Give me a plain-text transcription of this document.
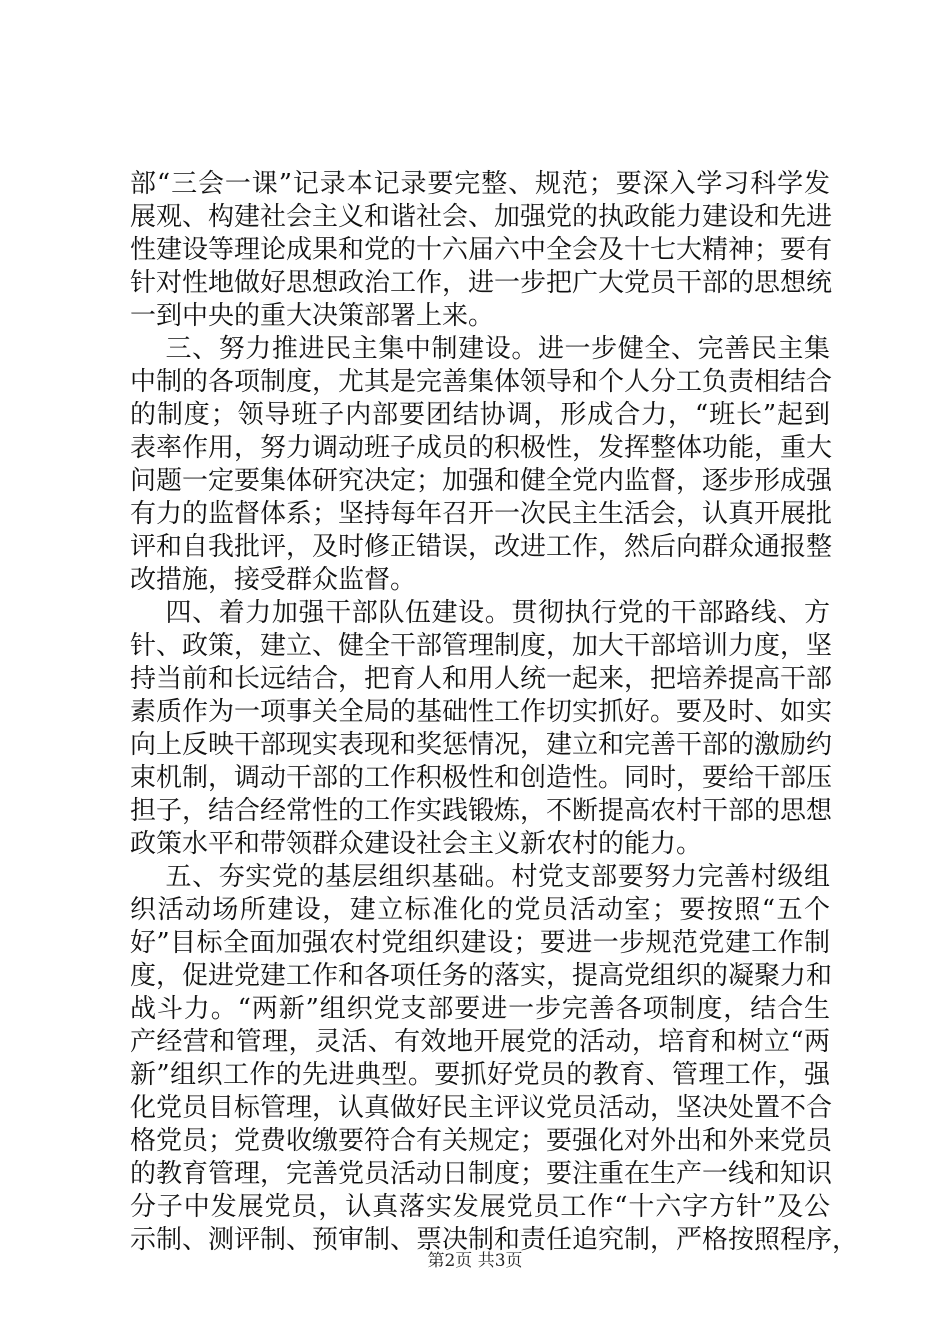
部“三会一课”记录本记录要完整、规范；要深入学习科学发
展观、构建社会主义和谐社会、加强党的执政能力建设和先进
性建设等理论成果和党的十六届六中全会及十七大精神；要有
针对性地做好思想政治工作，进一步把广大党员干部的思想统
一到中央的重大决策部署上来。
三、努力推进民主集中制建设。进一步健全、完善民主集
中制的各项制度，尤其是完善集体领导和个人分工负责相结合
的制度；领导班子内部要团结协调，形成合力，“班长”起到
表率作用，努力调动班子成员的积极性，发挥整体功能，重大
问题一定要集体研究决定；加强和健全党内监督，逐步形成强
有力的监督体系；坚持每年召开一次民主生活会，认真开展批
评和自我批评，及时修正错误，改进工作，然后向群众通报整
改措施，接受群众监督。
四、着力加强干部队伍建设。贯彻执行党的干部路线、方
针、政策，建立、健全干部管理制度，加大干部培训力度，坚
持当前和长远结合，把育人和用人统一起来，把培养提高干部
素质作为一项事关全局的基础性工作切实抓好。要及时、如实
向上反映干部现实表现和奖惩情况，建立和完善干部的激励约
束机制，调动干部的工作积极性和创造性。同时，要给干部压
担子，结合经常性的工作实践锻炼，不断提高农村干部的思想
政策水平和带领群众建设社会主义新农村的能力。
五、夯实党的基层组织基础。村党支部要努力完善村级组
织活动场所建设，建立标准化的党员活动室；要按照“五个
好”目标全面加强农村党组织建设；要进一步规范党建工作制
度，促进党建工作和各项任务的落实，提高党组织的凝聚力和
战斗力。“两新”组织党支部要进一步完善各项制度，结合生
产经营和管理，灵活、有效地开展党的活动，培育和树立“两
新”组织工作的先进典型。要抓好党员的教育、管理工作，强
化党员目标管理，认真做好民主评议党员活动，坚决处置不合
格党员；党费收缴要符合有关规定；要强化对外出和外来党员
的教育管理，完善党员活动日制度；要注重在生产一线和知识
分子中发展党员，认真落实发展党员工作“十六字方针”及公
示制、测评制、预审制、票决制和责任追究制，严格按照程序，
第2页 共3页
